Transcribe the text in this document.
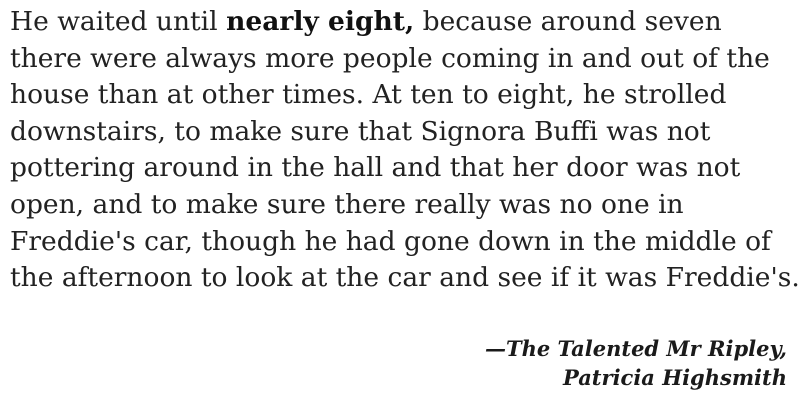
He waited until nearly eight, because around seven
there were always more people coming in and out of the
house than at other times. At ten to eight, he strolled
downstairs, to make sure that Signora Buffi was not
pottering around in the hall and that her door was not
open, and to make sure there really was no one in
Freddie's car, though he had gone down in the middle of
the afternoon to look at the car and see if it was Freddie's.
—The Talented Mr Ripley,
Patricia Highsmith
